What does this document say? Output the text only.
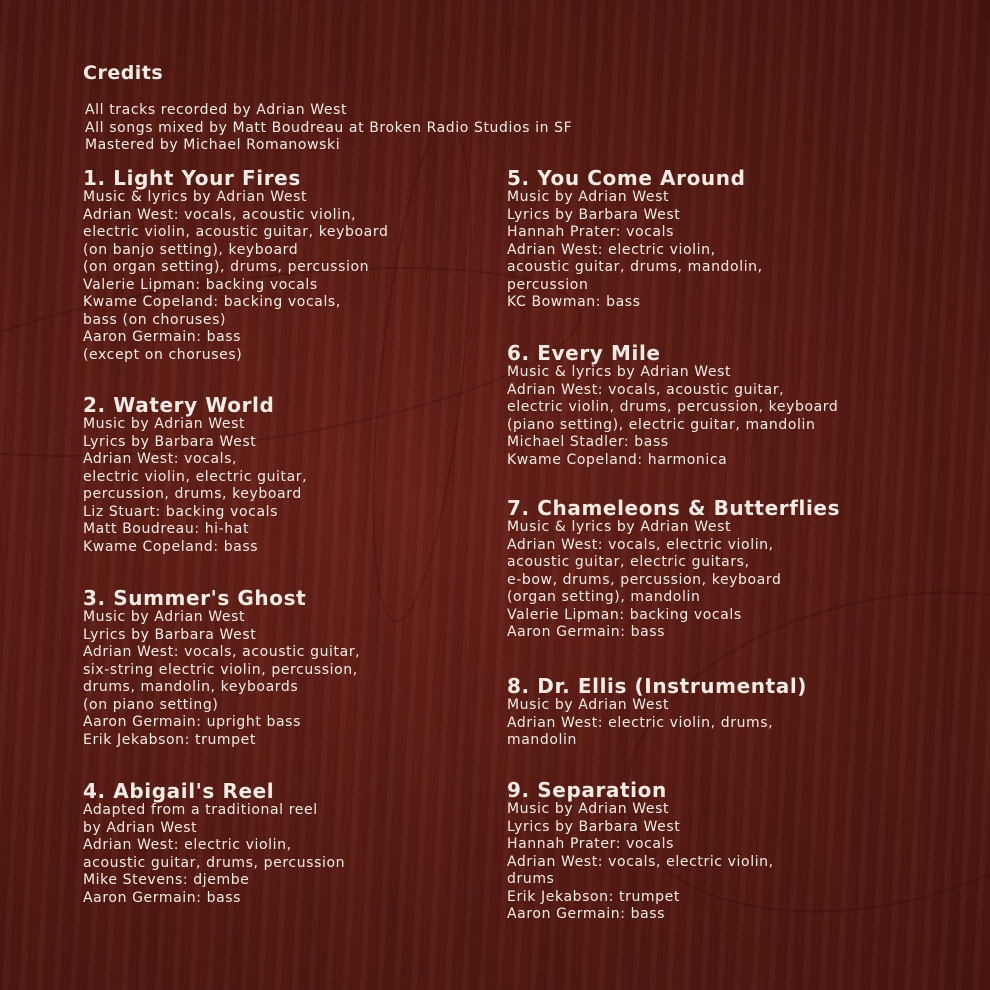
Credits
All tracks recorded by Adrian West
All songs mixed by Matt Boudreau at Broken Radio Studios in SF
Mastered by Michael Romanowski
1. Light Your Fires
Music & lyrics by Adrian West
Adrian West: vocals, acoustic violin,
electric violin, acoustic guitar, keyboard
(on banjo setting), keyboard
(on organ setting), drums, percussion
Valerie Lipman: backing vocals
Kwame Copeland: backing vocals,
bass (on choruses)
Aaron Germain: bass
(except on choruses)
2. Watery World
Music by Adrian West
Lyrics by Barbara West
Adrian West: vocals,
electric violin, electric guitar,
percussion, drums, keyboard
Liz Stuart: backing vocals
Matt Boudreau: hi-hat
Kwame Copeland: bass
3. Summer's Ghost
Music by Adrian West
Lyrics by Barbara West
Adrian West: vocals, acoustic guitar,
six-string electric violin, percussion,
drums, mandolin, keyboards
(on piano setting)
Aaron Germain: upright bass
Erik Jekabson: trumpet
4. Abigail's Reel
Adapted from a traditional reel
by Adrian West
Adrian West: electric violin,
acoustic guitar, drums, percussion
Mike Stevens: djembe
Aaron Germain: bass
5. You Come Around
Music by Adrian West
Lyrics by Barbara West
Hannah Prater: vocals
Adrian West: electric violin,
acoustic guitar, drums, mandolin,
percussion
KC Bowman: bass
6. Every Mile
Music & lyrics by Adrian West
Adrian West: vocals, acoustic guitar,
electric violin, drums, percussion, keyboard
(piano setting), electric guitar, mandolin
Michael Stadler: bass
Kwame Copeland: harmonica
7. Chameleons & Butterflies
Music & lyrics by Adrian West
Adrian West: vocals, electric violin,
acoustic guitar, electric guitars,
e-bow, drums, percussion, keyboard
(organ setting), mandolin
Valerie Lipman: backing vocals
Aaron Germain: bass
8. Dr. Ellis (Instrumental)
Music by Adrian West
Adrian West: electric violin, drums,
mandolin
9. Separation
Music by Adrian West
Lyrics by Barbara West
Hannah Prater: vocals
Adrian West: vocals, electric violin,
drums
Erik Jekabson: trumpet
Aaron Germain: bass
